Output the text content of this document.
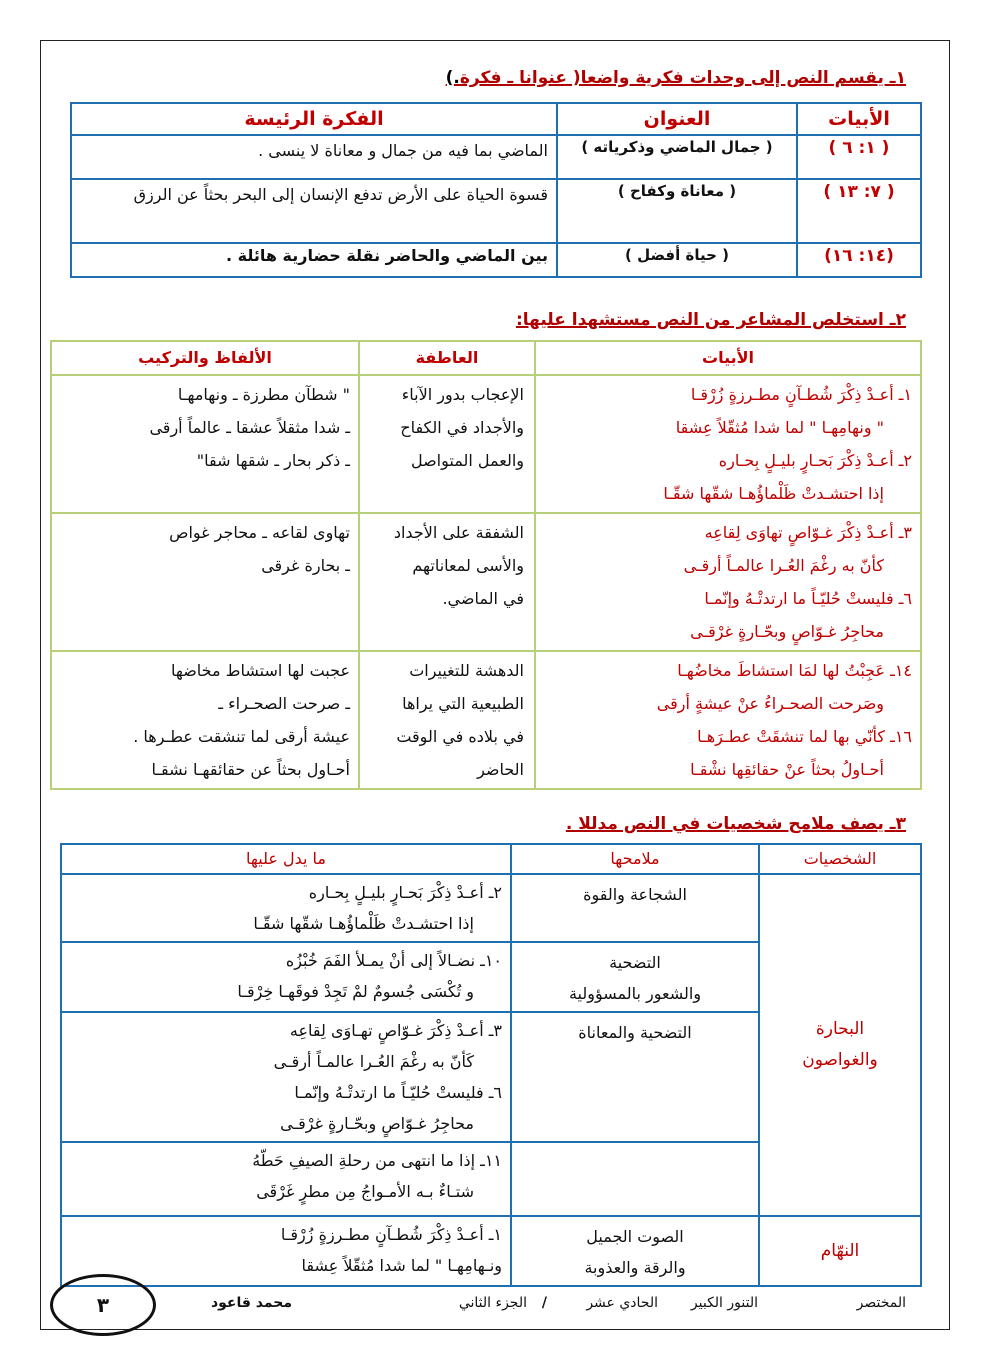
١ـ يقسم النص إلى وحدات فكرية واضعا( عنوانا ـ فكرة.)
الأبيات	العنوان	الفكرة الرئيسة
( ١: ٦ )	( جمال الماضي وذكرياته )	الماضي بما فيه من جمال و معاناة لا ينسى .
( ٧: ١٣ )	( معاناة وكفاح )	قسوة الحياة على الأرض تدفع الإنسان إلى البحر بحثاً عن الرزق
(١٤: ١٦)	( حياة أفضل )	بين الماضي والحاضر نقلة حضارية هائلة .
٢ـ استخلص المشاعر من النص مستشهدا عليها:
الأبيات	العاطفة	الألفاظ والتركيب

١ـ أعـدْ ذِكْرَ شُطـآنٍ مطـرزةٍ زُرْقـا
" ونهامِهـا " لما شدا مُثقّلاً عِشقا
٢ـ أعـدْ ذِكْرَ بَحـارٍ بليـلٍ بِحـاره
إذا احتشـدتْ ظَلْماؤُهـا شقّها شقّـا	الإعجاب بدور الآباء
والأجداد في الكفاح
والعمل المتواصل	" شطآن مطرزة ـ ونهامهـا
ـ شدا مثقلاً عشقا ـ عالماً أرقى
ـ ذكر بحار ـ شقها شقا"

٣ـ أعـدْ ذِكْرَ غـوّاصٍ تهاوَى لِقاعِه
كأنّ به رغْمَ العُـرا عالمـاً أرقـى
٦ـ فليستْ حُليّـاً ما ارتدتْـهُ وإنّمـا
محاجِرُ غـوّاصٍ وبحّـارةٍ غرْقـى	الشفقة على الأجداد
والأسى لمعاناتهم
في الماضي.	تهاوى لقاعه ـ محاجر غواص
ـ بحارة غرقى

١٤ـ عَجِبْتُ لها لمَا استشاطَ مخاضُهـا
وصَرحت الصحـراءُ عنْ عيشةٍ أرقى
١٦ـ كأنّي بها لما تنشقَتْ عطـرَهـا
أحـاولُ بحثاً عنْ حقائقِها نشْقـا	الدهشة للتغييرات
الطبيعية التي يراها
في بلاده في الوقت
الحاضر	عجبت لها استشاط مخاضها
ـ صرحت الصحـراء ـ
عيشة أرقى لما تنشقت عطـرها .
أحـاول بحثاً عن حقائقهـا نشقـا
٣ـ يصف ملامح شخصيات في النص مدللا .
الشخصيات	ملامحها	ما يدل عليها

البحارة
والغواصون	الشجاعة والقوة	٢ـ أعـدْ ذِكْرَ بَحـارٍ بليـلٍ بِحـاره
إذا احتشـدتْ ظَلْماؤُهـا شقّها شقّـا

	التضحية
والشعور بالمسؤولية	١٠ـ نضـالاً إلى أنْ يمـلأ الفَمَ خُبْزُه
و تُكْسَى جُسومٌ لمْ تَجِدْ فوقَهـا خِرْقـا

	التضحية والمعاناة	٣ـ أعـدْ ذِكْرَ غـوّاصٍ تهـاوَى لِقاعِه
كَأنّ به رغْمَ العُـرا عالمـاً أرقـى
٦ـ فليستْ حُليّـاً ما ارتدتْـهُ وإنّمـا
محاجِرُ غـوّاصٍ وبحّـارةٍ غرْقـى

		١١ـ إذا ما انتهى من رحلةِ الصيفِ حَطّهُ
شتـاءٌ بـه الأمـواجُ مِن مطرٍ غَرْقَى

النهّام	الصوت الجميل
والرقة والعذوبة	١ـ أعـدْ ذِكْرَ شُطـآنٍ مطـرزةٍ زُرْقـا
ونـهامِهـا " لما شدا مُثقّلاً عِشقا
المختصر
التنور الكبير
الحادي عشر
/
الجزء الثاني
محمد قاعود
٣
